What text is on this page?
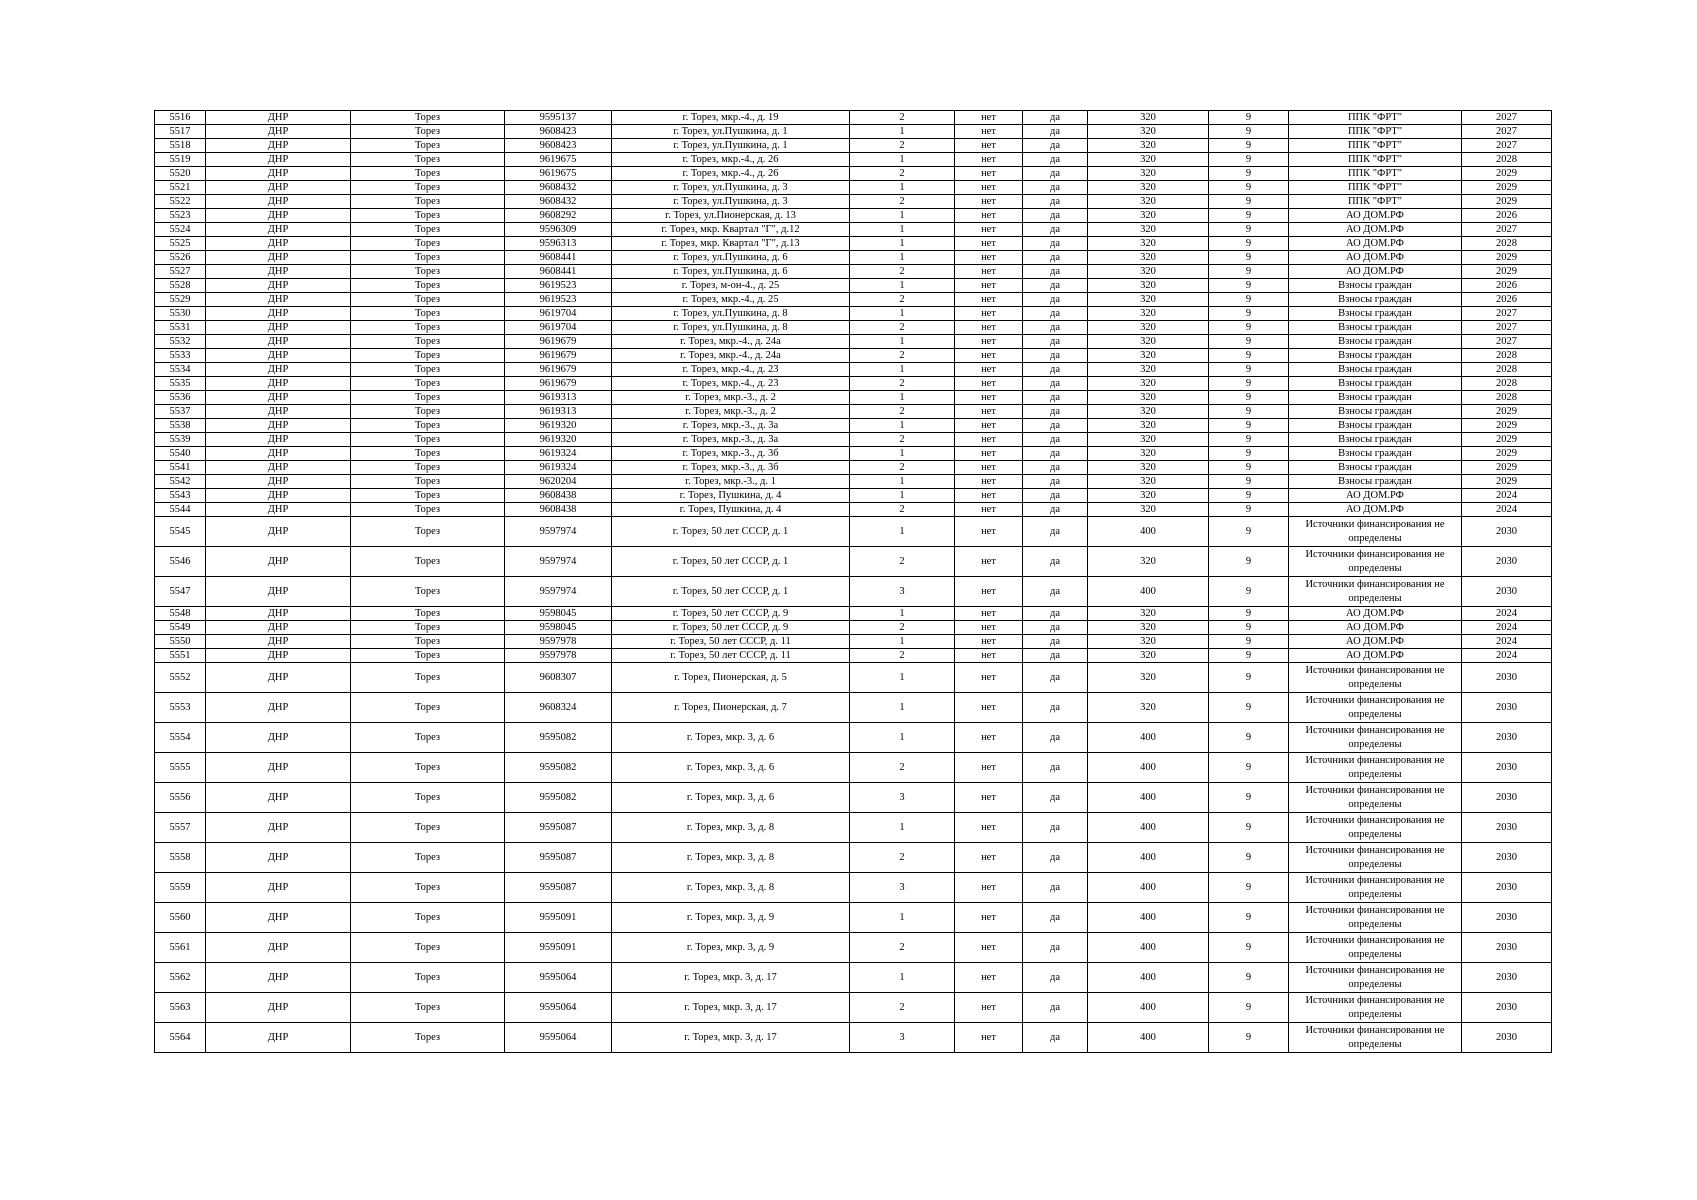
5516	ДНР	Торез	9595137	г. Торез, мкр.-4., д. 19	2	нет	да	320	9	ППК "ФРТ"	2027
5517	ДНР	Торез	9608423	г. Торез, ул.Пушкина, д. 1	1	нет	да	320	9	ППК "ФРТ"	2027
5518	ДНР	Торез	9608423	г. Торез, ул.Пушкина, д. 1	2	нет	да	320	9	ППК "ФРТ"	2027
5519	ДНР	Торез	9619675	г. Торез, мкр.-4., д. 26	1	нет	да	320	9	ППК "ФРТ"	2028
5520	ДНР	Торез	9619675	г. Торез, мкр.-4., д. 26	2	нет	да	320	9	ППК "ФРТ"	2029
5521	ДНР	Торез	9608432	г. Торез, ул.Пушкина, д. 3	1	нет	да	320	9	ППК "ФРТ"	2029
5522	ДНР	Торез	9608432	г. Торез, ул.Пушкина, д. 3	2	нет	да	320	9	ППК "ФРТ"	2029
5523	ДНР	Торез	9608292	г. Торез, ул.Пионерская, д. 13	1	нет	да	320	9	АО ДОМ.РФ	2026
5524	ДНР	Торез	9596309	г. Торез, мкр. Квартал "Г", д.12	1	нет	да	320	9	АО ДОМ.РФ	2027
5525	ДНР	Торез	9596313	г. Торез, мкр. Квартал "Г", д.13	1	нет	да	320	9	АО ДОМ.РФ	2028
5526	ДНР	Торез	9608441	г. Торез, ул.Пушкина, д. 6	1	нет	да	320	9	АО ДОМ.РФ	2029
5527	ДНР	Торез	9608441	г. Торез, ул.Пушкина, д. 6	2	нет	да	320	9	АО ДОМ.РФ	2029
5528	ДНР	Торез	9619523	г. Торез, м-он-4., д. 25	1	нет	да	320	9	Взносы граждан	2026
5529	ДНР	Торез	9619523	г. Торез, мкр.-4., д. 25	2	нет	да	320	9	Взносы граждан	2026
5530	ДНР	Торез	9619704	г. Торез, ул.Пушкина, д. 8	1	нет	да	320	9	Взносы граждан	2027
5531	ДНР	Торез	9619704	г. Торез, ул.Пушкина, д. 8	2	нет	да	320	9	Взносы граждан	2027
5532	ДНР	Торез	9619679	г. Торез, мкр.-4., д. 24а	1	нет	да	320	9	Взносы граждан	2027
5533	ДНР	Торез	9619679	г. Торез, мкр.-4., д. 24а	2	нет	да	320	9	Взносы граждан	2028
5534	ДНР	Торез	9619679	г. Торез, мкр.-4., д. 23	1	нет	да	320	9	Взносы граждан	2028
5535	ДНР	Торез	9619679	г. Торез, мкр.-4., д. 23	2	нет	да	320	9	Взносы граждан	2028
5536	ДНР	Торез	9619313	г. Торез, мкр.-3., д. 2	1	нет	да	320	9	Взносы граждан	2028
5537	ДНР	Торез	9619313	г. Торез, мкр.-3., д. 2	2	нет	да	320	9	Взносы граждан	2029
5538	ДНР	Торез	9619320	г. Торез, мкр.-3., д. 3а	1	нет	да	320	9	Взносы граждан	2029
5539	ДНР	Торез	9619320	г. Торез, мкр.-3., д. 3а	2	нет	да	320	9	Взносы граждан	2029
5540	ДНР	Торез	9619324	г. Торез, мкр.-3., д. 3б	1	нет	да	320	9	Взносы граждан	2029
5541	ДНР	Торез	9619324	г. Торез, мкр.-3., д. 3б	2	нет	да	320	9	Взносы граждан	2029
5542	ДНР	Торез	9620204	г. Торез, мкр.-3., д. 1	1	нет	да	320	9	Взносы граждан	2029
5543	ДНР	Торез	9608438	г. Торез, Пушкина, д. 4	1	нет	да	320	9	АО ДОМ.РФ	2024
5544	ДНР	Торез	9608438	г. Торез, Пушкина, д. 4	2	нет	да	320	9	АО ДОМ.РФ	2024
5545	ДНР	Торез	9597974	г. Торез, 50 лет СССР, д. 1	1	нет	да	400	9	Источники финансирования не определены	2030
5546	ДНР	Торез	9597974	г. Торез, 50 лет СССР, д. 1	2	нет	да	320	9	Источники финансирования не определены	2030
5547	ДНР	Торез	9597974	г. Торез, 50 лет СССР, д. 1	3	нет	да	400	9	Источники финансирования не определены	2030
5548	ДНР	Торез	9598045	г. Торез, 50 лет СССР, д. 9	1	нет	да	320	9	АО ДОМ.РФ	2024
5549	ДНР	Торез	9598045	г. Торез, 50 лет СССР, д. 9	2	нет	да	320	9	АО ДОМ.РФ	2024
5550	ДНР	Торез	9597978	г. Торез, 50 лет СССР, д. 11	1	нет	да	320	9	АО ДОМ.РФ	2024
5551	ДНР	Торез	9597978	г. Торез, 50 лет СССР, д. 11	2	нет	да	320	9	АО ДОМ.РФ	2024
5552	ДНР	Торез	9608307	г. Торез, Пионерская, д. 5	1	нет	да	320	9	Источники финансирования не определены	2030
5553	ДНР	Торез	9608324	г. Торез, Пионерская, д. 7	1	нет	да	320	9	Источники финансирования не определены	2030
5554	ДНР	Торез	9595082	г. Торез, мкр. 3, д. 6	1	нет	да	400	9	Источники финансирования не определены	2030
5555	ДНР	Торез	9595082	г. Торез, мкр. 3, д. 6	2	нет	да	400	9	Источники финансирования не определены	2030
5556	ДНР	Торез	9595082	г. Торез, мкр. 3, д. 6	3	нет	да	400	9	Источники финансирования не определены	2030
5557	ДНР	Торез	9595087	г. Торез, мкр. 3, д. 8	1	нет	да	400	9	Источники финансирования не определены	2030
5558	ДНР	Торез	9595087	г. Торез, мкр. 3, д. 8	2	нет	да	400	9	Источники финансирования не определены	2030
5559	ДНР	Торез	9595087	г. Торез, мкр. 3, д. 8	3	нет	да	400	9	Источники финансирования не определены	2030
5560	ДНР	Торез	9595091	г. Торез, мкр. 3, д. 9	1	нет	да	400	9	Источники финансирования не определены	2030
5561	ДНР	Торез	9595091	г. Торез, мкр. 3, д. 9	2	нет	да	400	9	Источники финансирования не определены	2030
5562	ДНР	Торез	9595064	г. Торез, мкр. 3, д. 17	1	нет	да	400	9	Источники финансирования не определены	2030
5563	ДНР	Торез	9595064	г. Торез, мкр. 3, д. 17	2	нет	да	400	9	Источники финансирования не определены	2030
5564	ДНР	Торез	9595064	г. Торез, мкр. 3, д. 17	3	нет	да	400	9	Источники финансирования не определены	2030
